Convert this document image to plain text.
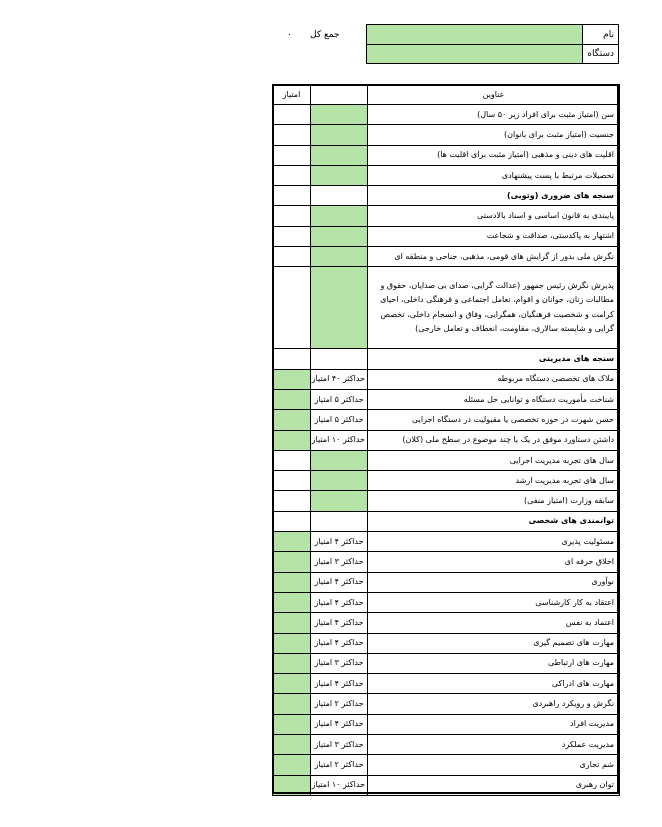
جمع کل
۰	نام
دستگاه
عناوین		امتیاز
سن (امتیاز مثبت برای افراد زیر ۵۰ سال)		
جنسیت (امتیاز مثبت برای بانوان)		
اقلیت های دینی و مذهبی (امتیاز مثبت برای اقلیت ها)		
تحصیلات مرتبط با پست پیشنهادی		
سنجه های ضروری (وتویی)		
پایبندی به قانون اساسی و اسناد بالادستی		
اشتهار به پاکدستی، صداقت و شجاعت		
نگرش ملی بدور از گرایش های قومی، مذهبی، جناحی و منطقه ای		
پذیرش نگرش رئیس جمهور (عدالت گرایی، صدای بی صدایان، حقوق و مطالبات زنان، جوانان و اقوام، تعامل اجتماعی و فرهنگی داخلی، احیای کرامت و شخصیت فرهنگیان، همگرایی، وفاق و انسجام داخلی، تخصص گرایی و شایسته سالاری، مقاومت، انعطاف و تعامل خارجی)		
سنجه های مدیریتی		
ملاک های تخصصی دستگاه مربوطه	حداکثر ۴۰ امتیاز	
شناخت مأموریت دستگاه و توانایی حل مسئله	حداکثر ۵ امتیاز	
حسن شهرت در حوزه تخصصی یا مقبولیت در دستگاه اجرایی	حداکثر ۵ امتیاز	
داشتن دستاورد موفق در یک یا چند موضوع در سطح ملی (کلان)	حداکثر ۱۰ امتیاز	
سال های تجربه مدیریت اجرایی		
سال های تجربه مدیریت ارشد		
سابقه وزارت (امتیاز منفی)		
توانمندی های شخصی		
مسئولیت پذیری	حداکثر ۴ امتیاز	
اخلاق حرفه ای	حداکثر ۳ امتیاز	
نوآوری	حداکثر ۴ امتیاز	
اعتقاد به کار کارشناسی	حداکثر ۴ امتیاز	
اعتماد به نفس	حداکثر ۴ امتیاز	
مهارت های تصمیم گیری	حداکثر ۴ امتیاز	
مهارت های ارتباطی	حداکثر ۳ امتیاز	
مهارت های ادراکی	حداکثر ۴ امتیاز	
نگرش و رویکرد راهبردی	حداکثر ۲ امتیاز	
مدیریت افراد	حداکثر ۴ امتیاز	
مدیریت عملکرد	حداکثر ۳ امتیاز	
شم تجاری	حداکثر ۲ امتیاز	
توان رهبری	حداکثر ۱۰ امتیاز	
